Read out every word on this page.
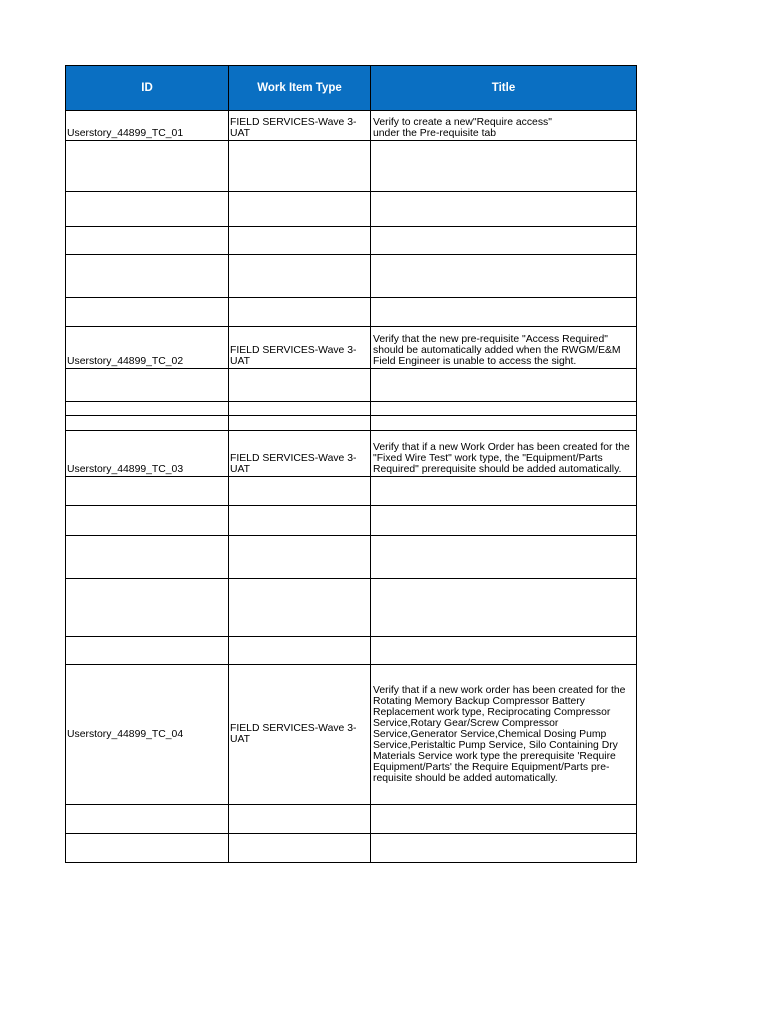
ID	Work Item Type	Title
Userstory_44899_TC_01	FIELD SERVICES-Wave 3-UAT	Verify to create a new"Require access"
under the Pre-requisite tab

Userstory_44899_TC_02	FIELD SERVICES-Wave 3-UAT	Verify that the new pre-requisite "Access Required" should be automatically added when the RWGM/E&M Field Engineer is unable to access the sight.

Userstory_44899_TC_03	FIELD SERVICES-Wave 3-UAT	Verify that if a new Work Order has been created for the "Fixed Wire Test" work type, the "Equipment/Parts Required" prerequisite should be added automatically.

Userstory_44899_TC_04	FIELD SERVICES-Wave 3-UAT	Verify that if a new work order has been created for the Rotating Memory Backup Compressor Battery Replacement work type, Reciprocating Compressor Service,Rotary Gear/Screw Compressor Service,Generator Service,Chemical Dosing Pump Service,Peristaltic Pump Service, Silo Containing Dry Materials Service work type the prerequisite 'Require Equipment/Parts' the Require Equipment/Parts pre-requisite should be added automatically.
